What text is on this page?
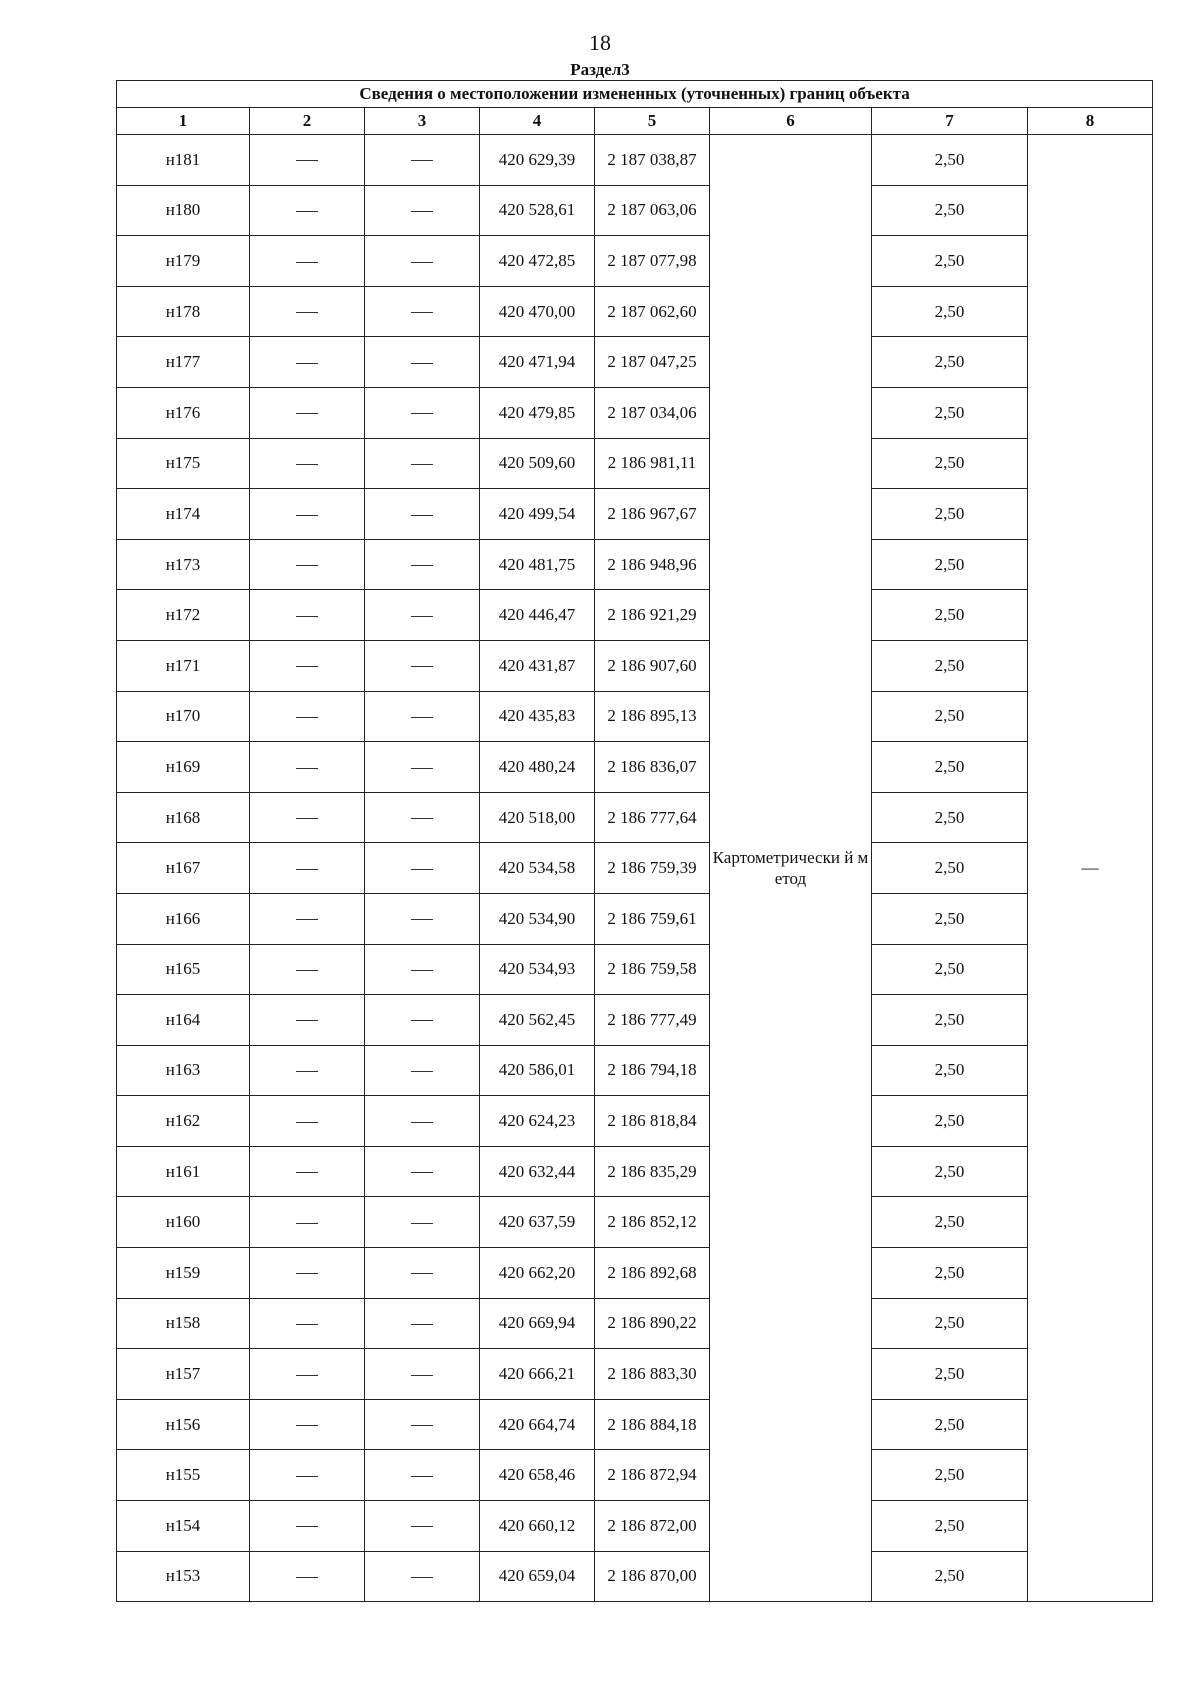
18
Раздел3
Сведения о местоположении измененных (уточненных) границ объекта							
1	2	3	4	5	6	7	8
н181			420 629,39	2 187 038,87	Картометрически й метод	2,50	—
н180			420 528,61	2 187 063,06		2,50	
н179			420 472,85	2 187 077,98		2,50	
н178			420 470,00	2 187 062,60		2,50	
н177			420 471,94	2 187 047,25		2,50	
н176			420 479,85	2 187 034,06		2,50	
н175			420 509,60	2 186 981,11		2,50	
н174			420 499,54	2 186 967,67		2,50	
н173			420 481,75	2 186 948,96		2,50	
н172			420 446,47	2 186 921,29		2,50	
н171			420 431,87	2 186 907,60		2,50	
н170			420 435,83	2 186 895,13		2,50	
н169			420 480,24	2 186 836,07		2,50	
н168			420 518,00	2 186 777,64		2,50	
н167			420 534,58	2 186 759,39		2,50	
н166			420 534,90	2 186 759,61		2,50	
н165			420 534,93	2 186 759,58		2,50	
н164			420 562,45	2 186 777,49		2,50	
н163			420 586,01	2 186 794,18		2,50	
н162			420 624,23	2 186 818,84		2,50	
н161			420 632,44	2 186 835,29		2,50	
н160			420 637,59	2 186 852,12		2,50	
н159			420 662,20	2 186 892,68		2,50	
н158			420 669,94	2 186 890,22		2,50	
н157			420 666,21	2 186 883,30		2,50	
н156			420 664,74	2 186 884,18		2,50	
н155			420 658,46	2 186 872,94		2,50	
н154			420 660,12	2 186 872,00		2,50	
н153			420 659,04	2 186 870,00		2,50	
